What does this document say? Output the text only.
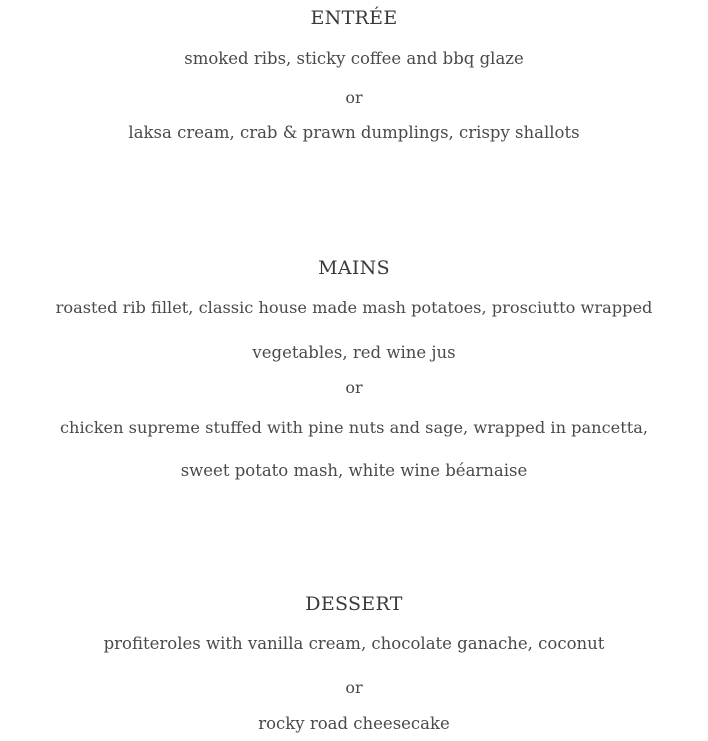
ENTRÉE
smoked ribs, sticky coffee and bbq glaze
or
laksa cream, crab & prawn dumplings, crispy shallots
MAINS
roasted rib fillet, classic house made mash potatoes, prosciutto wrapped
vegetables, red wine jus
or
chicken supreme stuffed with pine nuts and sage, wrapped in pancetta,
sweet potato mash, white wine béarnaise
DESSERT
profiteroles with vanilla cream, chocolate ganache, coconut
or
rocky road cheesecake
